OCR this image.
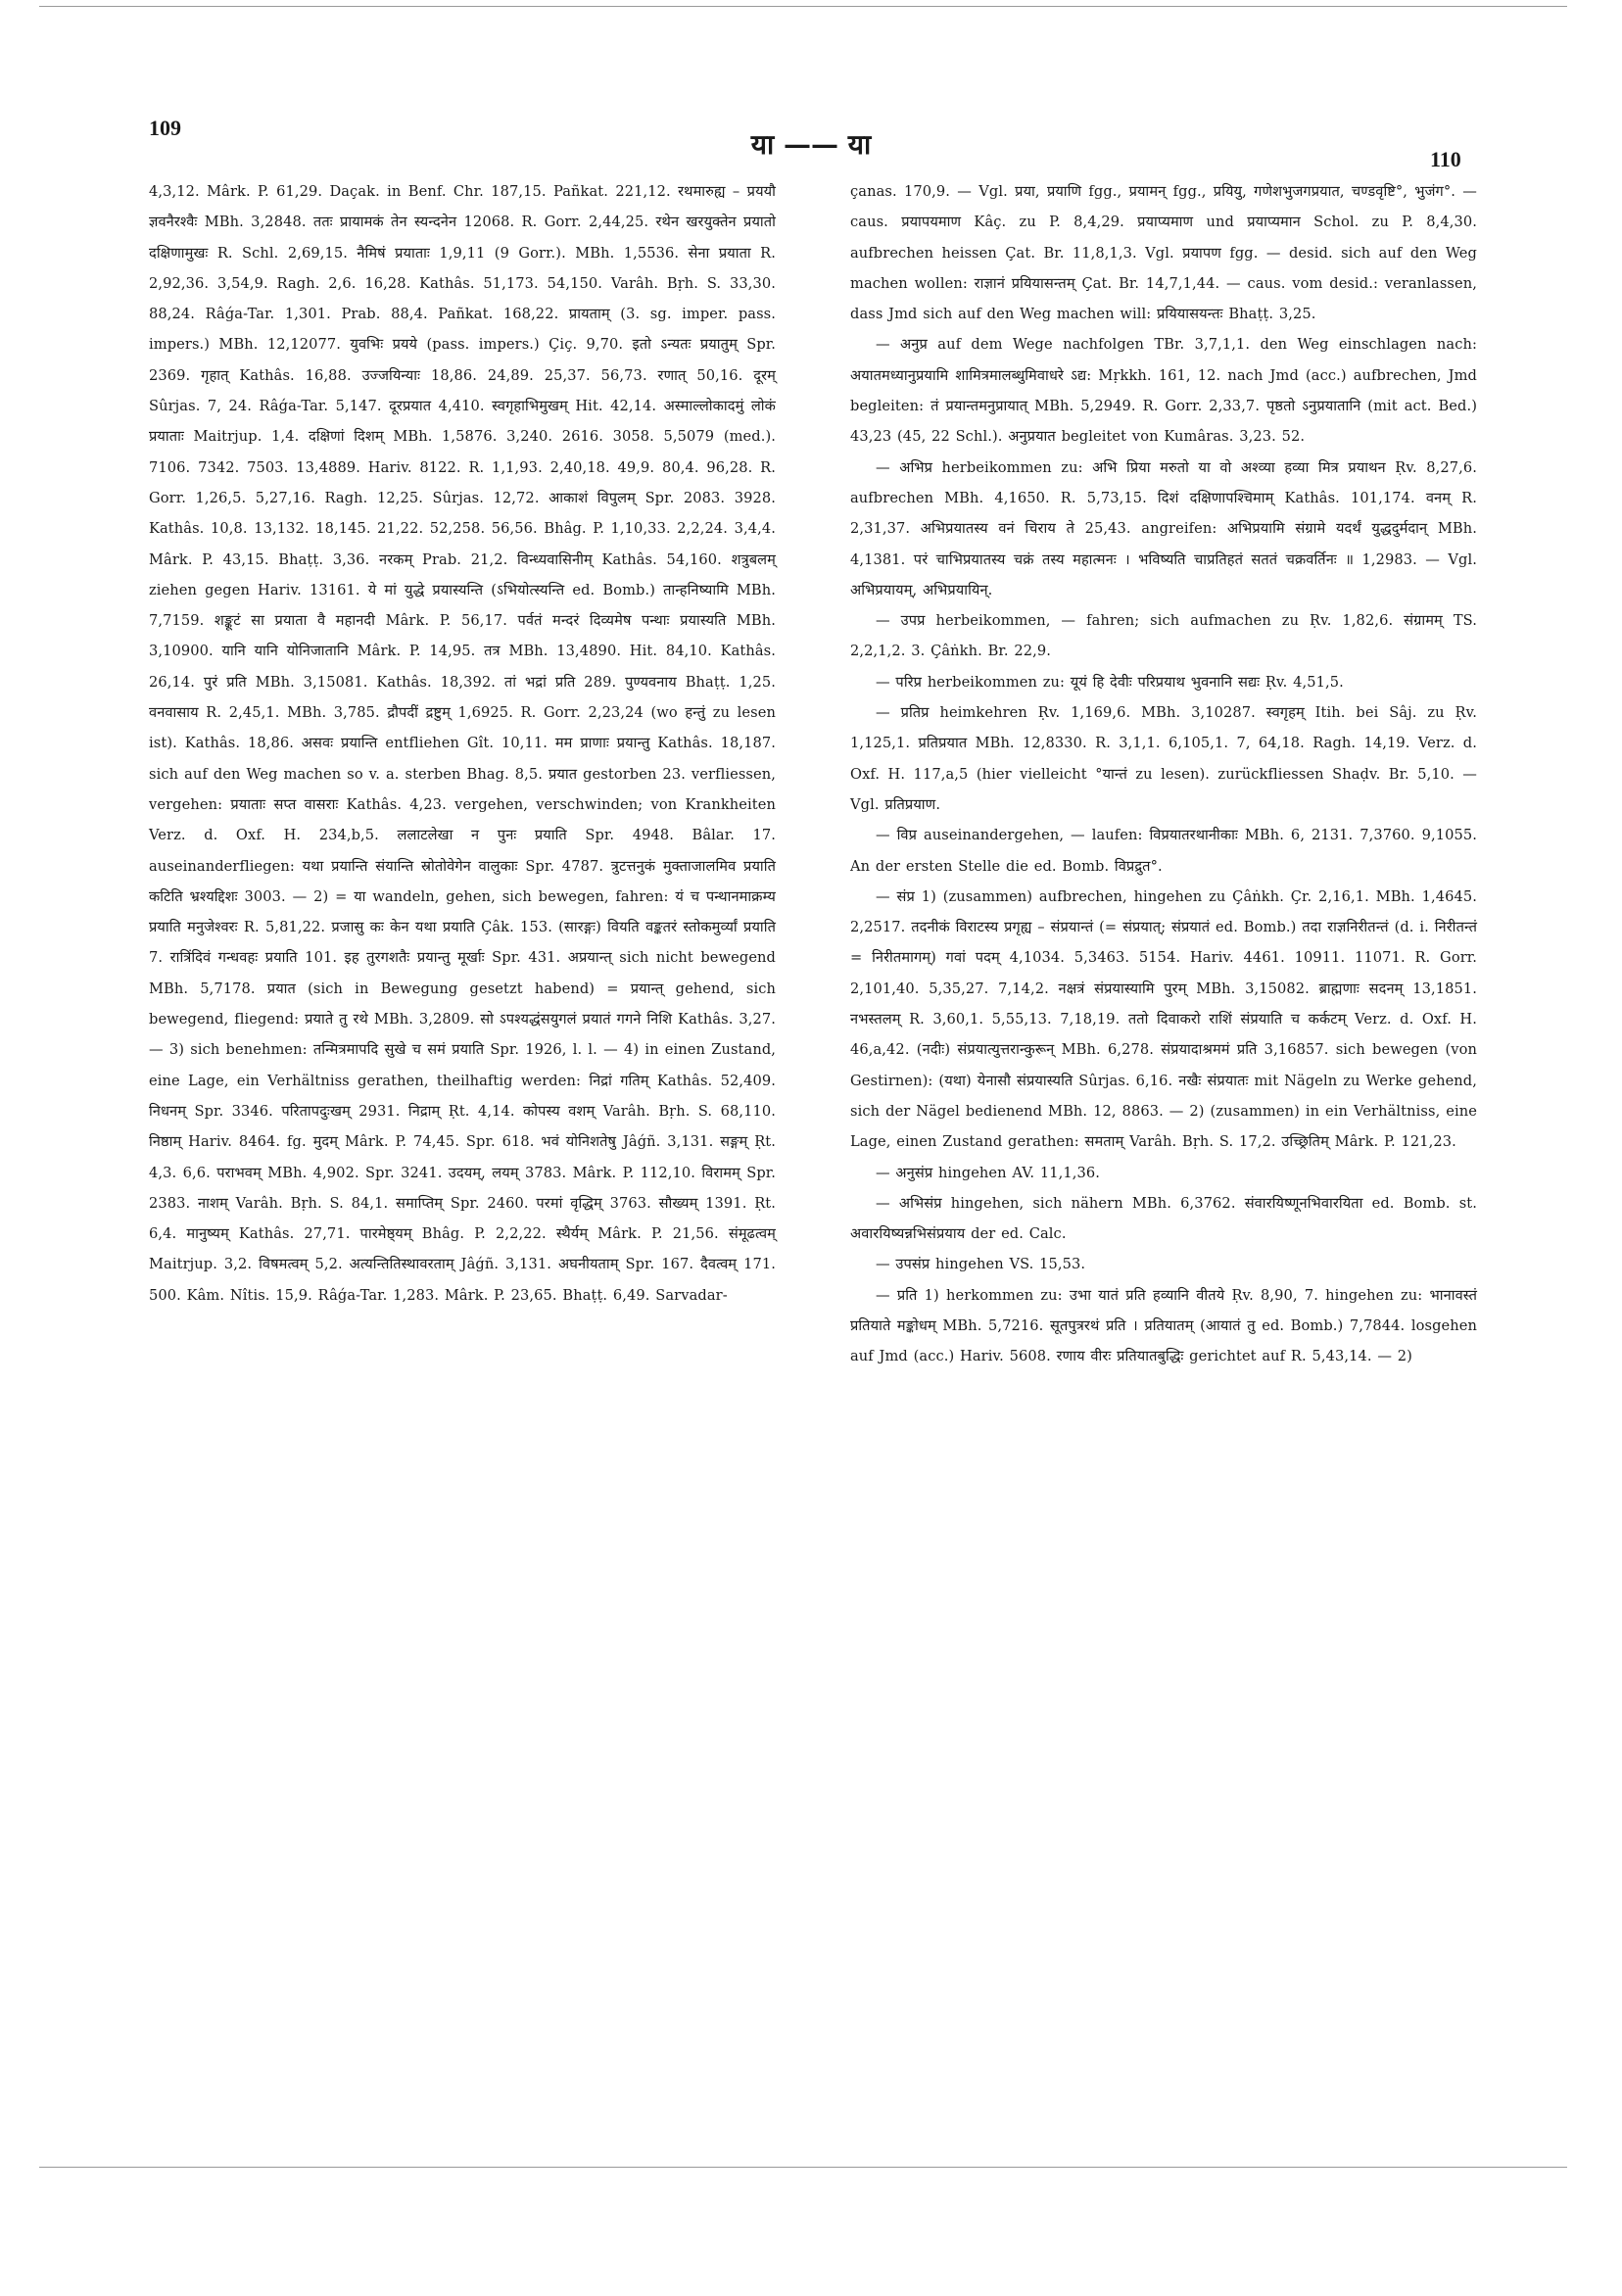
109
या —— या	110

4,3,12. Mârk. P. 61,29. Daçak. in Benf. Chr. 187,15. Pañkat. 221,12. रथमारुह्य – प्रययौ ज्ञवनैरश्वैः MBh. 3,2848. ततः प्रायामकं तेन स्यन्दनेन 12068. R. Gorr. 2,44,25. रथेन खरयुक्तेन प्रयातो दक्षिणामुखः R. Schl. 2,69,15. नैमिषं प्रयाताः 1,9,11 (9 Gorr.). MBh. 1,5536. सेना प्रयाता R. 2,92,36. 3,54,9. Ragh. 2,6. 16,28. Kathâs. 51,173. 54,150. Varâh. Bṛh. S. 33,30. 88,24. Râǵa-Tar. 1,301. Prab. 88,4. Pañkat. 168,22. प्रायताम् (3. sg. imper. pass. impers.) MBh. 12,12077. युवभिः प्रयये (pass. impers.) Çiç. 9,70. इतो ऽन्यतः प्रयातुम् Spr. 2369. गृहात् Kathâs. 16,88. उज्जयिन्याः 18,86. 24,89. 25,37. 56,73. रणात् 50,16. दूरम् Sûrjas. 7, 24. Râǵa-Tar. 5,147. दूरप्रयात 4,410. स्वगृहाभिमुखम् Hit. 42,14. अस्माल्लोकादमुं लोकं प्रयाताः Maitrjup. 1,4. दक्षिणां दिशम् MBh. 1,5876. 3,240. 2616. 3058. 5,5079 (med.). 7106. 7342. 7503. 13,4889. Hariv. 8122. R. 1,1,93. 2,40,18. 49,9. 80,4. 96,28. R. Gorr. 1,26,5. 5,27,16. Ragh. 12,25. Sûrjas. 12,72. आकाशं विपुलम् Spr. 2083. 3928. Kathâs. 10,8. 13,132. 18,145. 21,22. 52,258. 56,56. Bhâg. P. 1,10,33. 2,2,24. 3,4,4. Mârk. P. 43,15. Bhaṭṭ. 3,36. नरकम् Prab. 21,2. विन्ध्यवासिनीम् Kathâs. 54,160. शत्रुबलम् ziehen gegen Hariv. 13161. ये मां युद्धे प्रयास्यन्ति (ऽभियोत्स्यन्ति ed. Bomb.) तान्हनिष्यामि MBh. 7,7159. शङ्कूटं सा प्रयाता वै महानदी Mârk. P. 56,17. पर्वतं मन्दरं दिव्यमेष पन्थाः प्रयास्यति MBh. 3,10900. यानि यानि योनिजातानि Mârk. P. 14,95. तत्र MBh. 13,4890. Hit. 84,10. Kathâs. 26,14. पुरं प्रति MBh. 3,15081. Kathâs. 18,392. तां भद्रां प्रति 289. पुण्यवनाय Bhaṭṭ. 1,25. वनवासाय R. 2,45,1. MBh. 3,785. द्रौपदीं द्रष्टुम् 1,6925. R. Gorr. 2,23,24 (wo हन्तुं zu lesen ist). Kathâs. 18,86. असवः प्रयान्ति entfliehen Gît. 10,11. मम प्राणाः प्रयान्तु Kathâs. 18,187. sich auf den Weg machen so v. a. sterben Bhag. 8,5. प्रयात gestorben 23. verfliessen, vergehen: प्रयाताः सप्त वासराः Kathâs. 4,23. vergehen, verschwinden; von Krankheiten Verz. d. Oxf. H. 234,b,5. ललाटलेखा न पुनः प्रयाति Spr. 4948. Bâlar. 17. auseinanderfliegen: यथा प्रयान्ति संयान्ति स्रोतोवेगेन वालुकाः Spr. 4787. त्रुटत्तनुकं मुक्ताजालमिव प्रयाति कटिति भ्रश्यद्दिशः 3003. — 2) = या wandeln, gehen, sich bewegen, fahren: यं च पन्थानमाक्रम्य प्रयाति मनुजेश्वरः R. 5,81,22. प्रजासु कः केन यथा प्रयाति Çâk. 153. (सारङ्गः) वियति वङ्कतरं स्तोकमुर्व्यां प्रयाति 7. रात्रिंदिवं गन्धवहः प्रयाति 101. इह तुरगशतैः प्रयान्तु मूर्खाः Spr. 431. अप्रयान्त् sich nicht bewegend MBh. 5,7178. प्रयात (sich in Bewegung gesetzt habend) = प्रयान्त् gehend, sich bewegend, fliegend: प्रयाते तु रथे MBh. 3,2809. सो ऽपश्यद्धंसयुगलं प्रयातं गगने निशि Kathâs. 3,27. — 3) sich benehmen: तन्मित्रमापदि सुखे च समं प्रयाति Spr. 1926, l. l. — 4) in einen Zustand, eine Lage, ein Verhältniss gerathen, theilhaftig werden: निद्रां गतिम् Kathâs. 52,409. निधनम् Spr. 3346. परितापदुःखम् 2931. निद्राम् Ṛt. 4,14. कोपस्य वशम् Varâh. Bṛh. S. 68,110. निष्ठाम् Hariv. 8464. fg. मुदम् Mârk. P. 74,45. Spr. 618. भवं योनिशतेषु Jâǵñ. 3,131. सङ्गम् Ṛt. 4,3. 6,6. पराभवम् MBh. 4,902. Spr. 3241. उदयम्, लयम् 3783. Mârk. P. 112,10. विरामम् Spr. 2383. नाशम् Varâh. Bṛh. S. 84,1. समाप्तिम् Spr. 2460. परमां वृद्धिम् 3763. सौख्यम् 1391. Ṛt. 6,4. मानुष्यम् Kathâs. 27,71. पारमेष्ठ्यम् Bhâg. P. 2,2,22. स्थैर्यम् Mârk. P. 21,56. संमूढत्वम् Maitrjup. 3,2. विषमत्वम् 5,2. अत्यन्तितिस्थावरताम् Jâǵñ. 3,131. अघनीयताम् Spr. 167. दैवत्वम् 171. 500. Kâm. Nîtis. 15,9. Râǵa-Tar. 1,283. Mârk. P. 23,65. Bhaṭṭ. 6,49. Sarvadar-

çanas. 170,9. — Vgl. प्रया, प्रयाणि fgg., प्रयामन् fgg., प्रयियु, गणेशभुजगप्रयात, चण्डवृष्टि°, भुजंग°. — caus. प्रयापयमाण Kâç. zu P. 8,4,29. प्रयाप्यमाण und प्रयाप्यमान Schol. zu P. 8,4,30. aufbrechen heissen Çat. Br. 11,8,1,3. Vgl. प्रयापण fgg. — desid. sich auf den Weg machen wollen: राज्ञानं प्रयियासन्तम् Çat. Br. 14,7,1,44. — caus. vom desid.: veranlassen, dass Jmd sich auf den Weg machen will: प्रयियासयन्तः Bhaṭṭ. 3,25.

— अनुप्र auf dem Wege nachfolgen TBr. 3,7,1,1. den Weg einschlagen nach: अयातमध्यानुप्रयामि शामित्रमालब्धुमिवाधरे ऽद्य: Mṛkkh. 161, 12. nach Jmd (acc.) aufbrechen, Jmd begleiten: तं प्रयान्तमनुप्रायात् MBh. 5,2949. R. Gorr. 2,33,7. पृष्ठतो ऽनुप्रयातानि (mit act. Bed.) 43,23 (45, 22 Schl.). अनुप्रयात begleitet von Kumâras. 3,23. 52.

— अभिप्र herbeikommen zu: अभि प्रिया मरुतो या वो अश्व्या हव्या मित्र प्रयाथन Ṛv. 8,27,6. aufbrechen MBh. 4,1650. R. 5,73,15. दिशं दक्षिणापश्चिमाम् Kathâs. 101,174. वनम् R. 2,31,37. अभिप्रयातस्य वनं चिराय ते 25,43. angreifen: अभिप्रयामि संग्रामे यदर्थं युद्धदुर्मदान् MBh. 4,1381. परं चाभिप्रयातस्य चक्रं तस्य महात्मनः । भविष्यति चाप्रतिहतं सततं चक्रवर्तिनः ॥ 1,2983. — Vgl. अभिप्रयायम्, अभिप्रयायिन्.

— उपप्र herbeikommen, — fahren; sich aufmachen zu Ṛv. 1,82,6. संग्रामम् TS. 2,2,1,2. 3. Çâṅkh. Br. 22,9.

— परिप्र herbeikommen zu: यूयं हि देवीः परिप्रयाथ भुवनानि सद्यः Ṛv. 4,51,5.

— प्रतिप्र heimkehren Ṛv. 1,169,6. MBh. 3,10287. स्वगृहम् Itih. bei Sâj. zu Ṛv. 1,125,1. प्रतिप्रयात MBh. 12,8330. R. 3,1,1. 6,105,1. 7, 64,18. Ragh. 14,19. Verz. d. Oxf. H. 117,a,5 (hier vielleicht °यान्तं zu lesen). zurückfliessen Shaḍv. Br. 5,10. — Vgl. प्रतिप्रयाण.

— विप्र auseinandergehen, — laufen: विप्रयातरथानीकाः MBh. 6, 2131. 7,3760. 9,1055. An der ersten Stelle die ed. Bomb. विप्रद्रुत°.

— संप्र 1) (zusammen) aufbrechen, hingehen zu Çâṅkh. Çr. 2,16,1. MBh. 1,4645. 2,2517. तदनीकं विराटस्य प्रगृह्य – संप्रयान्तं (= संप्रयात्; संप्रयातं ed. Bomb.) तदा राज्ञनिरीतन्तं (d. i. निरीतन्तं = निरीतमागम्) गवां पदम् 4,1034. 5,3463. 5154. Hariv. 4461. 10911. 11071. R. Gorr. 2,101,40. 5,35,27. 7,14,2. नक्षत्रं संप्रयास्यामि पुरम् MBh. 3,15082. ब्राह्मणाः सदनम् 13,1851. नभस्तलम् R. 3,60,1. 5,55,13. 7,18,19. ततो दिवाकरो राशिं संप्रयाति च कर्कटम् Verz. d. Oxf. H. 46,a,42. (नदीः) संप्रयात्युत्तरान्कुरून् MBh. 6,278. संप्रयादाश्रममं प्रति 3,16857. sich bewegen (von Gestirnen): (यथा) येनासौ संप्रयास्यति Sûrjas. 6,16. नखैः संप्रयातः mit Nägeln zu Werke gehend, sich der Nägel bedienend MBh. 12, 8863. — 2) (zusammen) in ein Verhältniss, eine Lage, einen Zustand gerathen: समताम् Varâh. Bṛh. S. 17,2. उच्छ्रितिम् Mârk. P. 121,23.

— अनुसंप्र hingehen AV. 11,1,36.

— अभिसंप्र hingehen, sich nähern MBh. 6,3762. संवारयिष्णूनभिवारयिता ed. Bomb. st. अवारयिष्यन्नभिसंप्रयाय der ed. Calc.

— उपसंप्र hingehen VS. 15,53.

— प्रति 1) herkommen zu: उभा यातं प्रति हव्यानि वीतये Ṛv. 8,90, 7. hingehen zu: भानावस्तं प्रतियाते मङ्कोधम् MBh. 5,7216. सूतपुत्ररथं प्रति । प्रतियातम् (आयातं तु ed. Bomb.) 7,7844. losgehen auf Jmd (acc.) Hariv. 5608. रणाय वीरः प्रतियातबुद्धिः gerichtet auf R. 5,43,14. — 2)
